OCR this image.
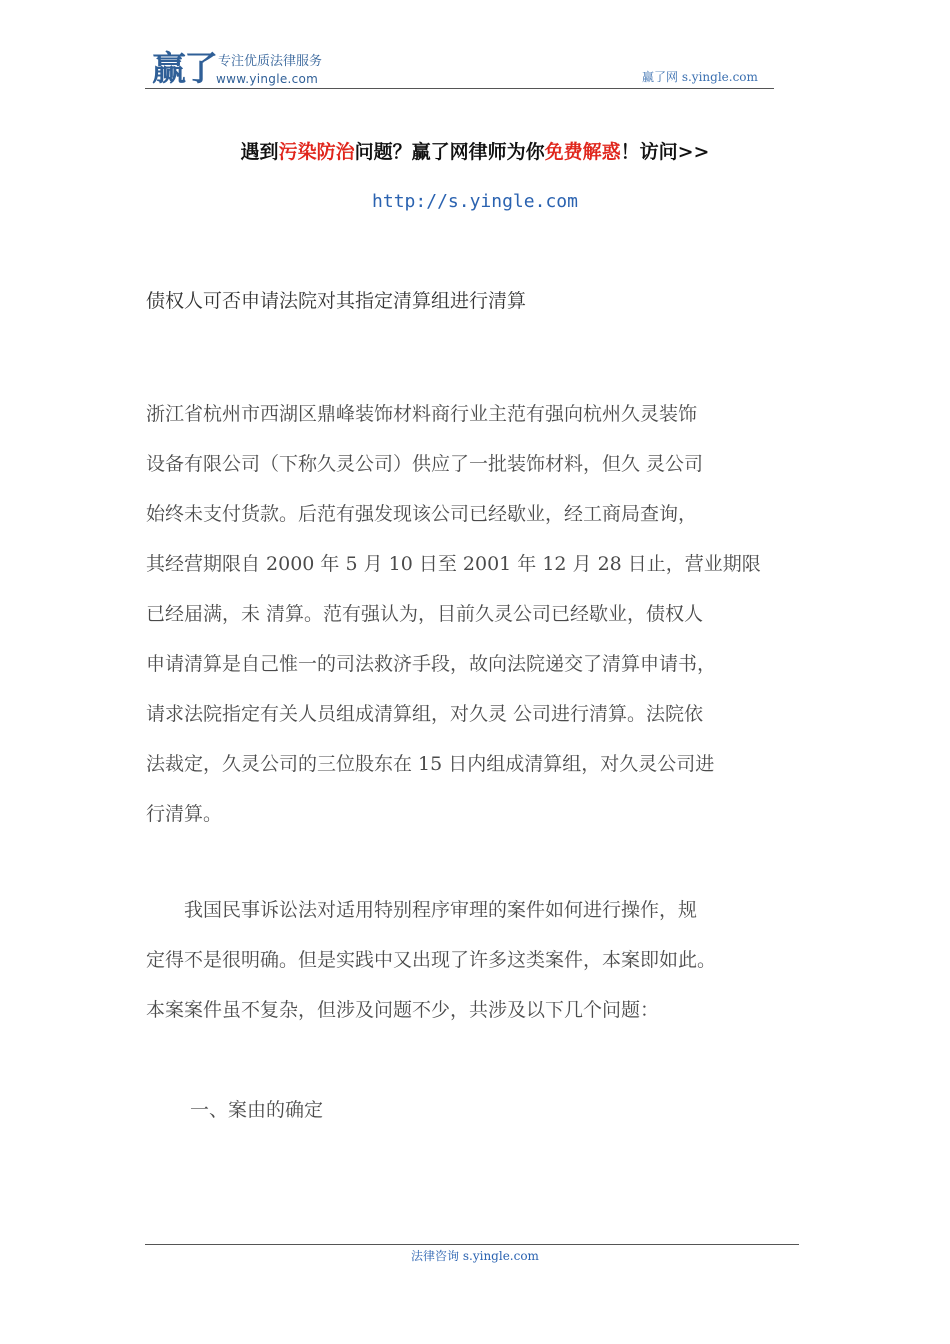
赢了 专注优质法律服务
www.yingle.com	赢了网 s.yingle.com
遇到污染防治问题？赢了网律师为你免费解惑！访问>>
http://s.yingle.com
债权人可否申请法院对其指定清算组进行清算
浙江省杭州市西湖区鼎峰装饰材料商行业主范有强向杭州久灵装饰
设备有限公司（下称久灵公司）供应了一批装饰材料，但久 灵公司
始终未支付货款。后范有强发现该公司已经歇业，经工商局查询，
其经营期限自 2000 年 5 月 10 日至 2001 年 12 月 28 日止，营业期限
已经届满，未 清算。范有强认为，目前久灵公司已经歇业，债权人
申请清算是自己惟一的司法救济手段，故向法院递交了清算申请书，
请求法院指定有关人员组成清算组，对久灵 公司进行清算。法院依
法裁定，久灵公司的三位股东在 15 日内组成清算组，对久灵公司进
行清算。
　　我国民事诉讼法对适用特别程序审理的案件如何进行操作，规
定得不是很明确。但是实践中又出现了许多这类案件，本案即如此。
本案案件虽不复杂，但涉及问题不少，共涉及以下几个问题：
一、案由的确定
法律咨询 s.yingle.com
